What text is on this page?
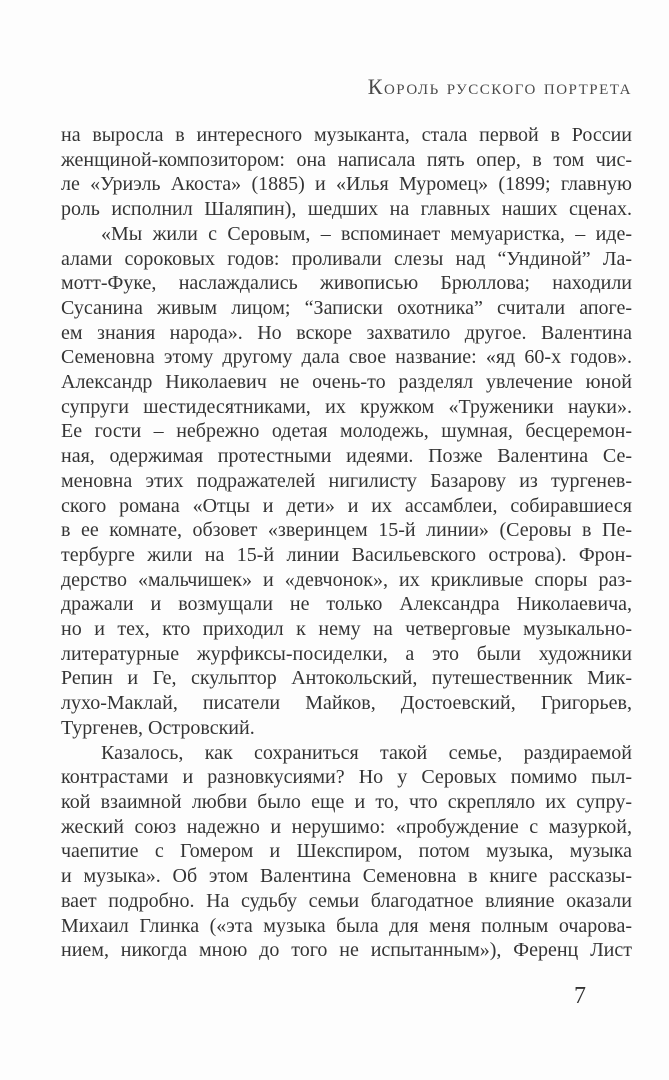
Король русского портрета
на выросла в интересного музыканта, стала первой в России
женщиной-композитором: она написала пять опер, в том чис-
ле «Уриэль Акоста» (1885) и «Илья Муромец» (1899; главную
роль исполнил Шаляпин), шедших на главных наших сценах.
«Мы жили с Серовым, – вспоминает мемуаристка, – иде-
алами сороковых годов: проливали слезы над “Ундиной” Ла-
мотт-Фуке, наслаждались живописью Брюллова; находили
Сусанина живым лицом; “Записки охотника” считали апоге-
ем знания народа». Но вскоре захватило другое. Валентина
Семеновна этому другому дала свое название: «яд 60-х годов».
Александр Николаевич не очень-то разделял увлечение юной
супруги шестидесятниками, их кружком «Труженики науки».
Ее гости – небрежно одетая молодежь, шумная, бесцеремон-
ная, одержимая протестными идеями. Позже Валентина Се-
меновна этих подражателей нигилисту Базарову из тургенев-
ского романа «Отцы и дети» и их ассамблеи, собиравшиеся
в ее комнате, обзовет «зверинцем 15-й линии» (Серовы в Пе-
тербурге жили на 15-й линии Васильевского острова). Фрон-
дерство «мальчишек» и «девчонок», их крикливые споры раз-
дражали и возмущали не только Александра Николаевича,
но и тех, кто приходил к нему на четверговые музыкально-
литературные журфиксы-посиделки, а это были художники
Репин и Ге, скульптор Антокольский, путешественник Мик-
лухо-Маклай, писатели Майков, Достоевский, Григорьев,
Тургенев, Островский.
Казалось, как сохраниться такой семье, раздираемой
контрастами и разновкусиями? Но у Серовых помимо пыл-
кой взаимной любви было еще и то, что скрепляло их супру-
жеский союз надежно и нерушимо: «пробуждение с мазуркой,
чаепитие с Гомером и Шекспиром, потом музыка, музыка
и музыка». Об этом Валентина Семеновна в книге рассказы-
вает подробно. На судьбу семьи благодатное влияние оказали
Михаил Глинка («эта музыка была для меня полным очарова-
нием, никогда мною до того не испытанным»), Ференц Лист
7
